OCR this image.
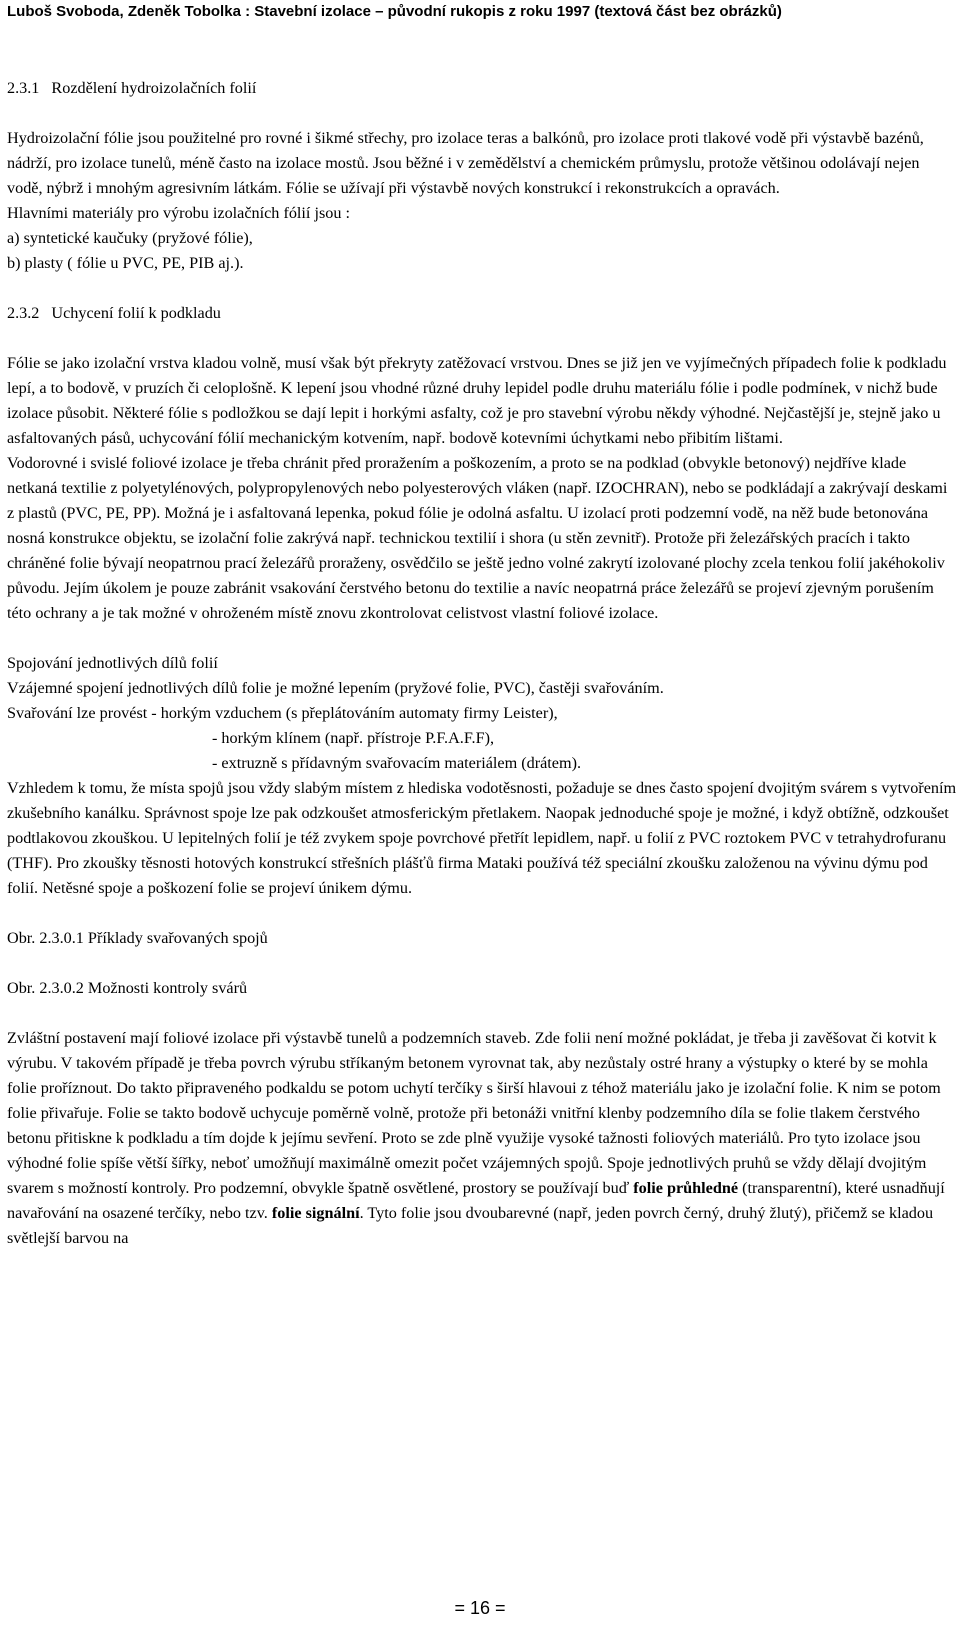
Luboš Svoboda, Zdeněk Tobolka : Stavební izolace – původní rukopis z roku 1997 (textová část bez obrázků)

2.3.1 Rozdělení hydroizolačních folií

Hydroizolační fólie jsou použitelné pro rovné i šikmé střechy, pro izolace teras a balkónů, pro izolace proti tlakové vodě při výstavbě bazénů, nádrží, pro izolace tunelů, méně často na izolace mostů. Jsou běžné i v zemědělství a chemickém průmyslu, protože většinou odolávají nejen vodě, nýbrž i mnohým agresivním látkám. Fólie se užívají při výstavbě nových konstrukcí i rekonstrukcích a opravách.

Hlavními materiály pro výrobu izolačních fólií jsou :

a) syntetické kaučuky (pryžové fólie),

b) plasty ( fólie u PVC, PE, PIB aj.).

2.3.2 Uchycení folií k podkladu

Fólie se jako izolační vrstva kladou volně, musí však být překryty zatěžovací vrstvou. Dnes se již jen ve vyjímečných případech folie k podkladu lepí, a to bodově, v pruzích či celoplošně. K lepení jsou vhodné různé druhy lepidel podle druhu materiálu fólie i podle podmínek, v nichž bude izolace působit. Některé fólie s podložkou se dají lepit i horkými asfalty, což je pro stavební výrobu někdy výhodné. Nejčastější je, stejně jako u asfaltovaných pásů, uchycování fólií mechanickým kotvením, např. bodově kotevními úchytkami nebo přibitím lištami.

Vodorovné i svislé foliové izolace je třeba chránit před proražením a poškozením, a proto se na podklad (obvykle betonový) nejdříve klade netkaná textilie z polyetylénových, polypropylenových nebo polyesterových vláken (např. IZOCHRAN), nebo se podkládají a zakrývají deskami z plastů (PVC, PE, PP). Možná je i asfaltovaná lepenka, pokud fólie je odolná asfaltu. U izolací proti podzemní vodě, na něž bude betonována nosná konstrukce objektu, se izolační folie zakrývá např. technickou textilií i shora (u stěn zevnitř). Protože při železářských pracích i takto chráněné folie bývají neopatrnou prací železářů proraženy, osvědčilo se ještě jedno volné zakrytí izolované plochy zcela tenkou folií jakéhokoliv původu. Jejím úkolem je pouze zabránit vsakování čerstvého betonu do textilie a navíc neopatrná práce železářů se projeví zjevným porušením této ochrany a je tak možné v ohroženém místě znovu zkontrolovat celistvost vlastní foliové izolace.

Spojování jednotlivých dílů folií

Vzájemné spojení jednotlivých dílů folie je možné lepením (pryžové folie, PVC), častěji svařováním.

Svařování lze provést - horkým vzduchem (s přeplátováním automaty firmy Leister),

- horkým klínem (např. přístroje P.F.A.F.F),

- extruzně s přídavným svařovacím materiálem (drátem).

Vzhledem k tomu, že místa spojů jsou vždy slabým místem z hlediska vodotěsnosti, požaduje se dnes často spojení dvojitým svárem s vytvořením zkušebního kanálku. Správnost spoje lze pak odzkoušet atmosferickým přetlakem. Naopak jednoduché spoje je možné, i když obtížně, odzkoušet podtlakovou zkouškou. U lepitelných folií je též zvykem spoje povrchové přetřít lepidlem, např. u folií z PVC roztokem PVC v tetrahydrofuranu (THF). Pro zkoušky těsnosti hotových konstrukcí střešních plášťů firma Mataki používá též speciální zkoušku založenou na vývinu dýmu pod folií. Netěsné spoje a poškození folie se projeví únikem dýmu.

Obr. 2.3.0.1 Příklady svařovaných spojů

Obr. 2.3.0.2 Možnosti kontroly svárů

Zvláštní postavení mají foliové izolace při výstavbě tunelů a podzemních staveb. Zde folii není možné pokládat, je třeba ji zavěšovat či kotvit k výrubu. V takovém případě je třeba povrch výrubu stříkaným betonem vyrovnat tak, aby nezůstaly ostré hrany a výstupky o které by se mohla folie proříznout. Do takto připraveného podkaldu se potom uchytí terčíky s širší hlavoui z téhož materiálu jako je izolační folie. K nim se potom folie přivařuje. Folie se takto bodově uchycuje poměrně volně, protože při betonáži vnitřní klenby podzemního díla se folie tlakem čerstvého betonu přitiskne k podkladu a tím dojde k jejímu sevření. Proto se zde plně využije vysoké tažnosti foliových materiálů. Pro tyto izolace jsou výhodné folie spíše větší šířky, neboť umožňují maximálně omezit počet vzájemných spojů. Spoje jednotlivých pruhů se vždy dělají dvojitým svarem s možností kontroly. Pro podzemní, obvykle špatně osvětlené, prostory se používají buď folie průhledné (transparentní), které usnadňují navařování na osazené terčíky, nebo tzv. folie signální. Tyto folie jsou dvoubarevné (např, jeden povrch černý, druhý žlutý), přičemž se kladou světlejší barvou na

= 16 =
